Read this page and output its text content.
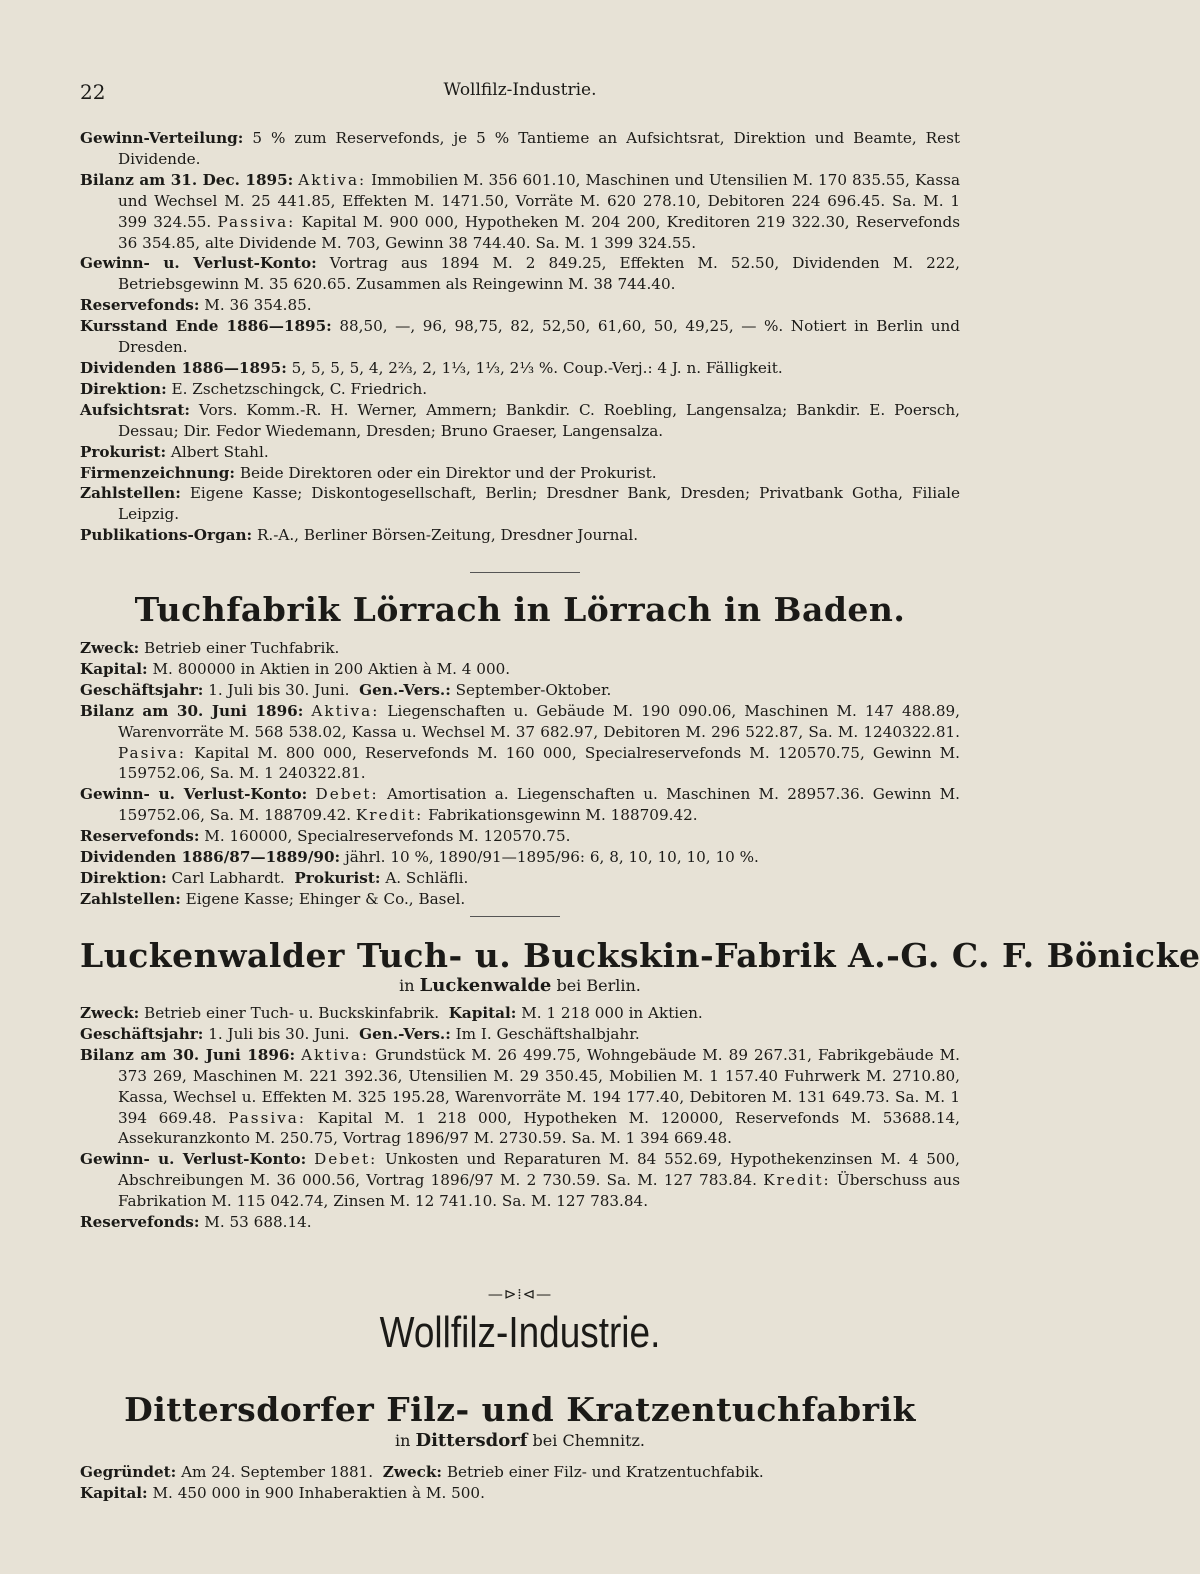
22	Wollfilz-Industrie.

Gewinn-Verteilung: 5 % zum Reservefonds, je 5 % Tantieme an Aufsichtsrat, Direktion und Beamte, Rest Dividende.

Bilanz am 31. Dec. 1895: Aktiva: Immobilien M. 356 601.10, Maschinen und Utensilien M. 170 835.55, Kassa und Wechsel M. 25 441.85, Effekten M. 1471.50, Vorräte M. 620 278.10, Debitoren 224 696.45. Sa. M. 1 399 324.55. Passiva: Kapital M. 900 000, Hypotheken M. 204 200, Kreditoren 219 322.30, Reservefonds 36 354.85, alte Dividende M. 703, Gewinn 38 744.40. Sa. M. 1 399 324.55.

Gewinn- u. Verlust-Konto: Vortrag aus 1894 M. 2 849.25, Effekten M. 52.50, Dividenden M. 222, Betriebsgewinn M. 35 620.65. Zusammen als Reingewinn M. 38 744.40.

Reservefonds: M. 36 354.85.

Kursstand Ende 1886—1895: 88,50, —, 96, 98,75, 82, 52,50, 61,60, 50, 49,25, — %. Notiert in Berlin und Dresden.

Dividenden 1886—1895: 5, 5, 5, 5, 4, 2⅔, 2, 1⅓, 1⅓, 2⅓ %. Coup.-Verj.: 4 J. n. Fälligkeit.

Direktion: E. Zschetzschingck, C. Friedrich.

Aufsichtsrat: Vors. Komm.-R. H. Werner, Ammern; Bankdir. C. Roebling, Langensalza; Bankdir. E. Poersch, Dessau; Dir. Fedor Wiedemann, Dresden; Bruno Graeser, Langensalza.

Prokurist: Albert Stahl.

Firmenzeichnung: Beide Direktoren oder ein Direktor und der Prokurist.

Zahlstellen: Eigene Kasse; Diskontogesellschaft, Berlin; Dresdner Bank, Dresden; Privatbank Gotha, Filiale Leipzig.

Publikations-Organ: R.-A., Berliner Börsen-Zeitung, Dresdner Journal.

Tuchfabrik Lörrach in Lörrach in Baden.

Zweck: Betrieb einer Tuchfabrik.

Kapital: M. 800000 in Aktien in 200 Aktien à M. 4 000.

Geschäftsjahr: 1. Juli bis 30. Juni. Gen.-Vers.: September-Oktober.

Bilanz am 30. Juni 1896: Aktiva: Liegenschaften u. Gebäude M. 190 090.06, Maschinen M. 147 488.89, Warenvorräte M. 568 538.02, Kassa u. Wechsel M. 37 682.97, Debitoren M. 296 522.87, Sa. M. 1240322.81. Pasiva: Kapital M. 800 000, Reservefonds M. 160 000, Specialreservefonds M. 120570.75, Gewinn M. 159752.06, Sa. M. 1 240322.81.

Gewinn- u. Verlust-Konto: Debet: Amortisation a. Liegenschaften u. Maschinen M. 28957.36. Gewinn M. 159752.06, Sa. M. 188709.42. Kredit: Fabrikationsgewinn M. 188709.42.

Reservefonds: M. 160000, Specialreservefonds M. 120570.75.

Dividenden 1886/87—1889/90: jährl. 10 %, 1890/91—1895/96: 6, 8, 10, 10, 10, 10 %.

Direktion: Carl Labhardt. Prokurist: A. Schläfli.

Zahlstellen: Eigene Kasse; Ehinger & Co., Basel.

Luckenwalder Tuch- u. Buckskin-Fabrik A.-G. C. F. Bönicke
in Luckenwalde bei Berlin.

Zweck: Betrieb einer Tuch- u. Buckskinfabrik. Kapital: M. 1 218 000 in Aktien.

Geschäftsjahr: 1. Juli bis 30. Juni. Gen.-Vers.: Im I. Geschäftshalbjahr.

Bilanz am 30. Juni 1896: Aktiva: Grundstück M. 26 499.75, Wohngebäude M. 89 267.31, Fabrikgebäude M. 373 269, Maschinen M. 221 392.36, Utensilien M. 29 350.45, Mobilien M. 1 157.40 Fuhrwerk M. 2710.80, Kassa, Wechsel u. Effekten M. 325 195.28, Warenvorräte M. 194 177.40, Debitoren M. 131 649.73. Sa. M. 1 394 669.48. Passiva: Kapital M. 1 218 000, Hypotheken M. 120000, Reservefonds M. 53688.14, Assekuranzkonto M. 250.75, Vortrag 1896/97 M. 2730.59. Sa. M. 1 394 669.48.

Gewinn- u. Verlust-Konto: Debet: Unkosten und Reparaturen M. 84 552.69, Hypothekenzinsen M. 4 500, Abschreibungen M. 36 000.56, Vortrag 1896/97 M. 2 730.59. Sa. M. 127 783.84. Kredit: Überschuss aus Fabrikation M. 115 042.74, Zinsen M. 12 741.10. Sa. M. 127 783.84.

Reservefonds: M. 53 688.14.

—⊳⁞⊲—
Wollfilz-Industrie.
Dittersdorfer Filz- und Kratzentuchfabrik
in Dittersdorf bei Chemnitz.

Gegründet: Am 24. September 1881. Zweck: Betrieb einer Filz- und Kratzentuchfabik.

Kapital: M. 450 000 in 900 Inhaberaktien à M. 500.
